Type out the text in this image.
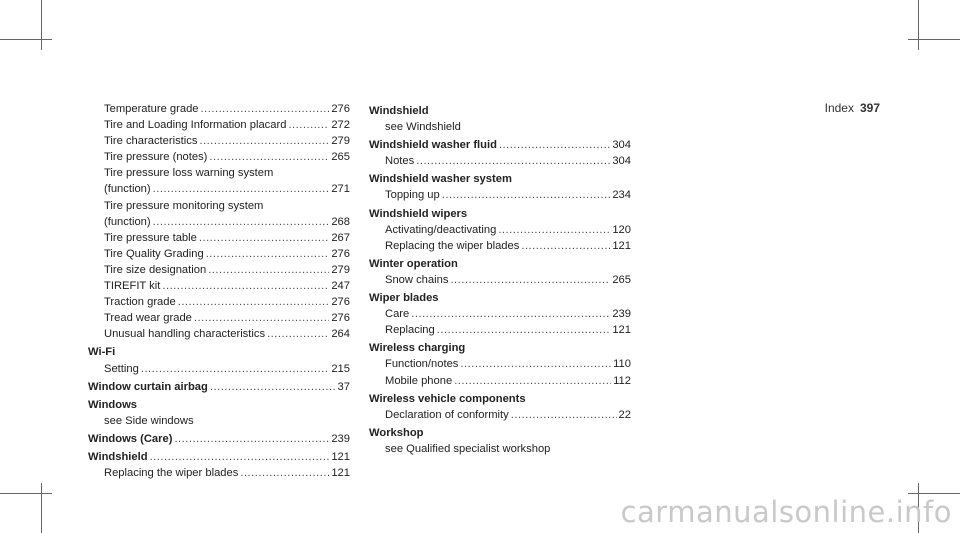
Index 397
Temperature grade .....	276
Tire and Loading Information placard .....	272
Tire characteristics .....	279
Tire pressure (notes) .....	265
Tire pressure loss warning system
(function) .....	271
Tire pressure monitoring system
(function) .....	268
Tire pressure table .....	267
Tire Quality Grading .....	276
Tire size designation .....	279
TIREFIT kit .....	247
Traction grade .....	276
Tread wear grade .....	276
Unusual handling characteristics .....	264
Wi-Fi
Setting .....	215
Window curtain airbag .....	37
Windows
see Side windows
Windows (Care) .....	239
Windshield .....	121
Replacing the wiper blades .....	121
Windshield
see Windshield
Windshield washer fluid .....	304
Notes .....	304
Windshield washer system
Topping up .....	234
Windshield wipers
Activating/deactivating .....	120
Replacing the wiper blades .....	121
Winter operation
Snow chains .....	265
Wiper blades
Care .....	239
Replacing .....	121
Wireless charging
Function/notes .....	110
Mobile phone .....	112
Wireless vehicle components
Declaration of conformity .....	22
Workshop
see Qualified specialist workshop
carmanualsonline.info
